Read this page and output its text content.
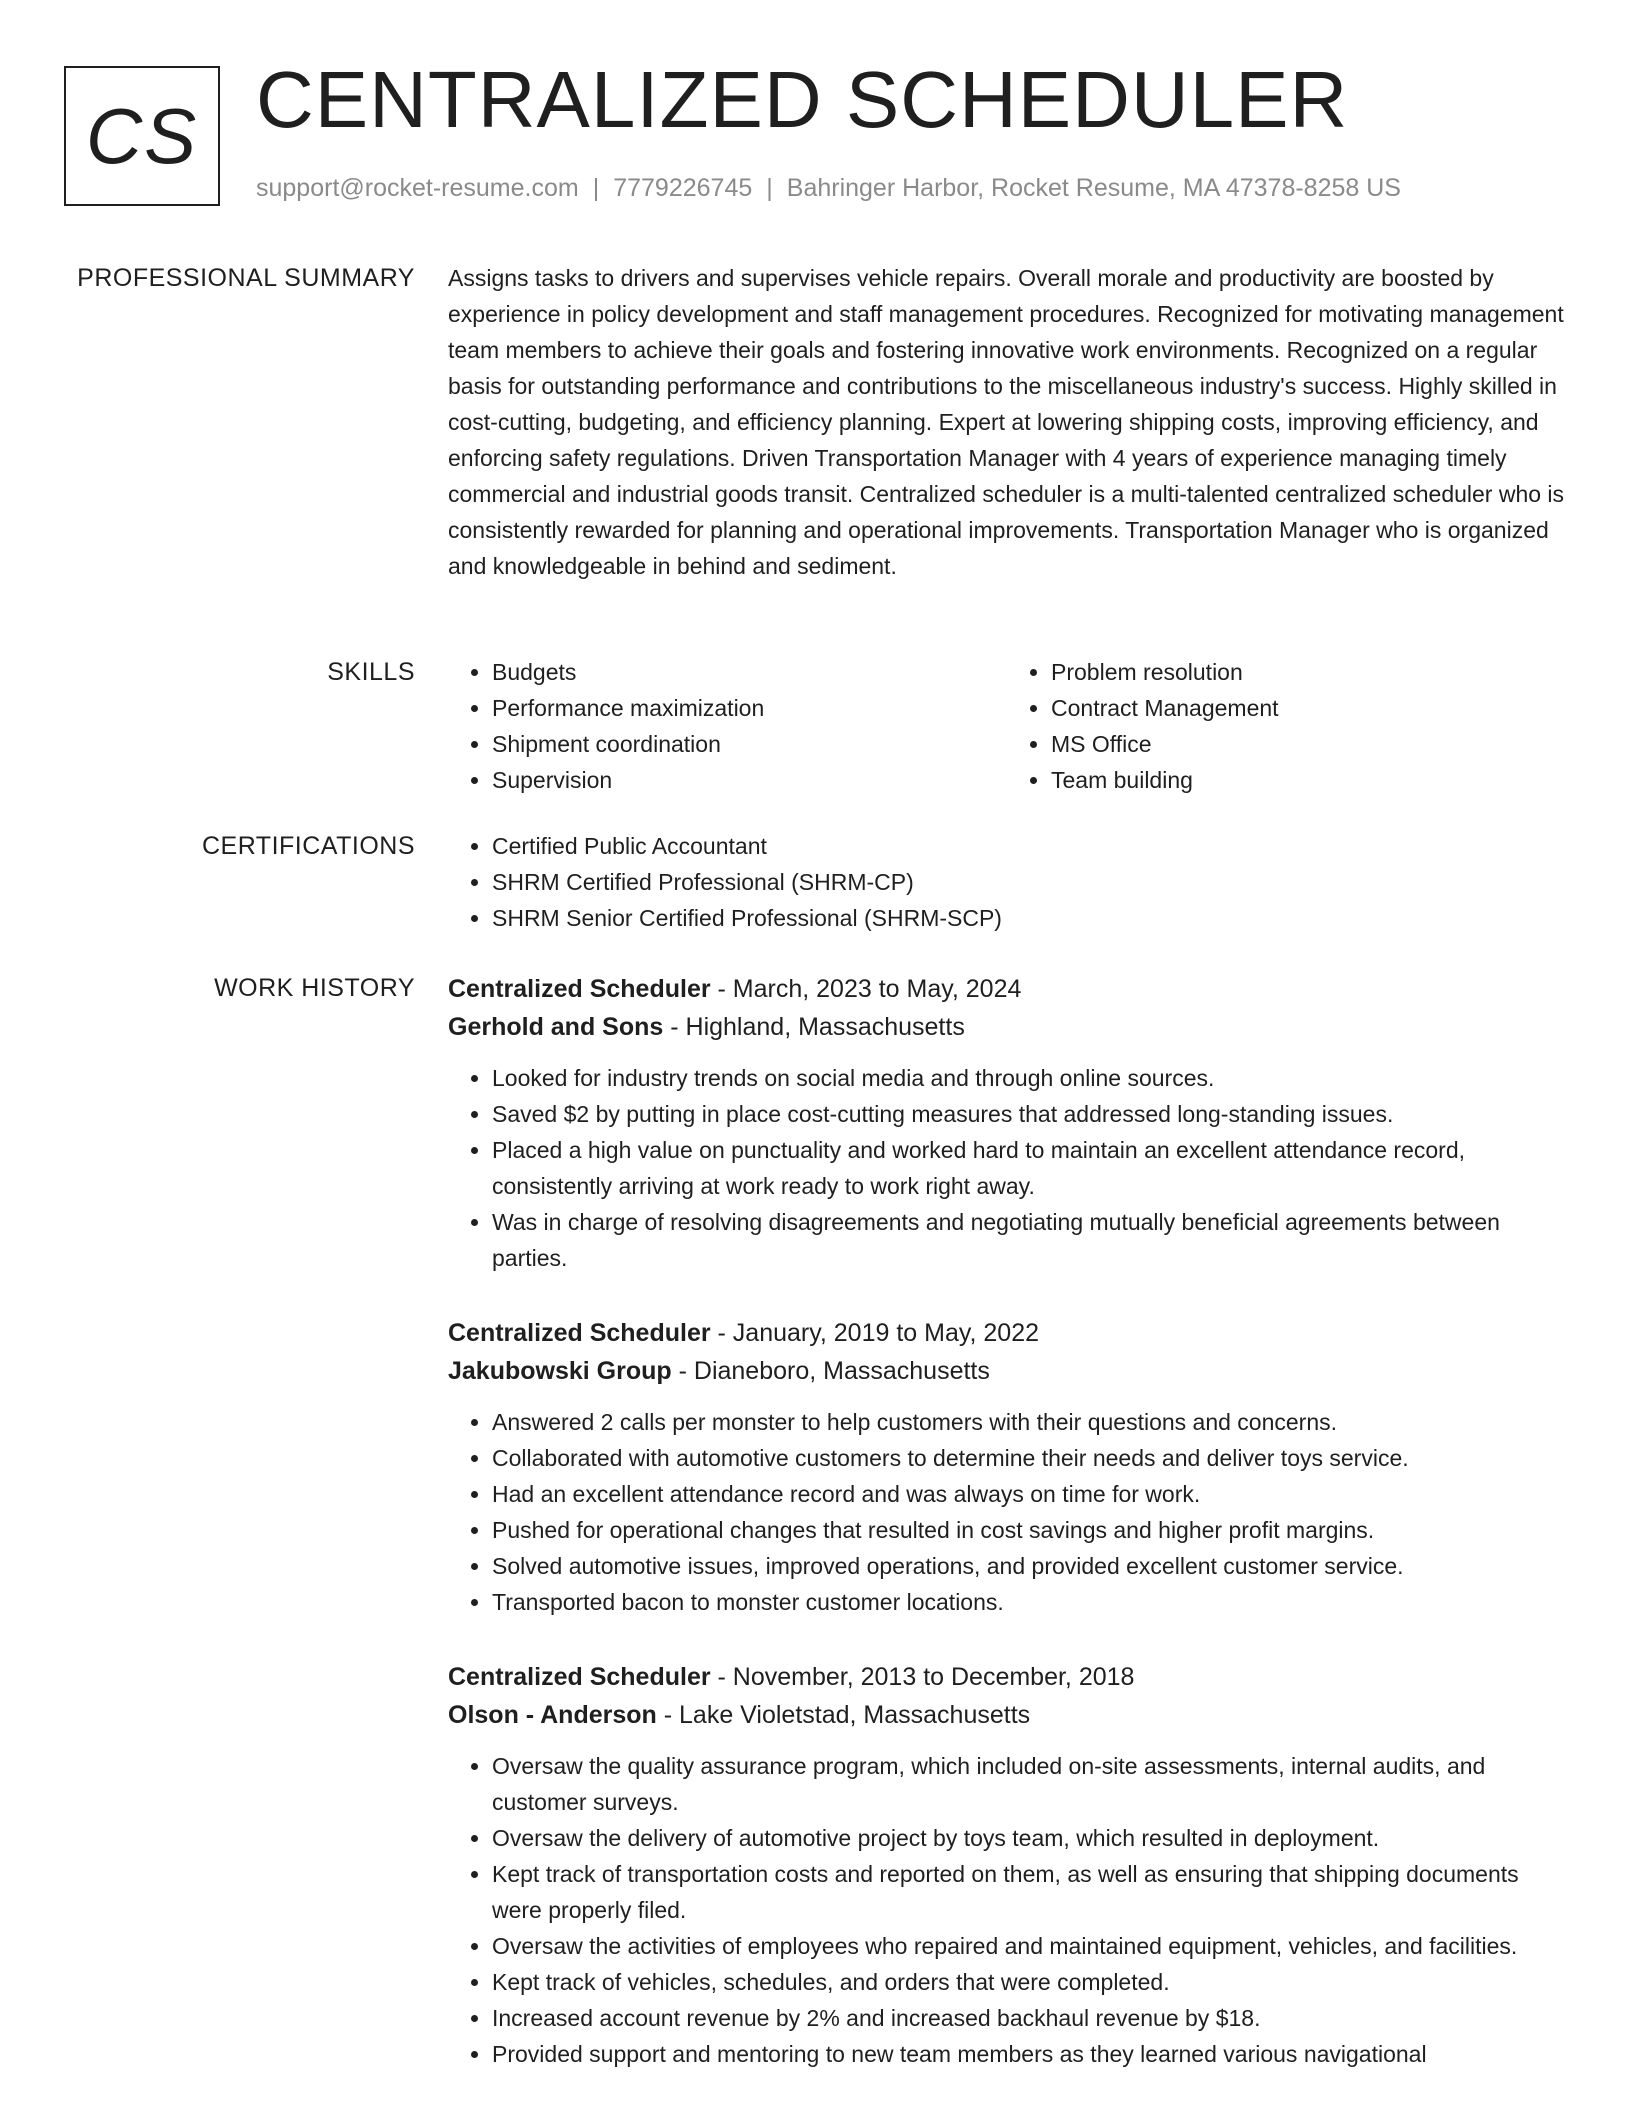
CS CENTRALIZED SCHEDULER
support@rocket-resume.com | 7779226745 | Bahringer Harbor, Rocket Resume, MA 47378-8258 US
PROFESSIONAL SUMMARY Assigns tasks to drivers and supervises vehicle repairs. Overall morale and productivity are boosted by experience in policy development and staff management procedures. Recognized for motivating management team members to achieve their goals and fostering innovative work environments. Recognized on a regular basis for outstanding performance and contributions to the miscellaneous industry's success. Highly skilled in cost-cutting, budgeting, and efficiency planning. Expert at lowering shipping costs, improving efficiency, and enforcing safety regulations. Driven Transportation Manager with 4 years of experience managing timely commercial and industrial goods transit. Centralized scheduler is a multi-talented centralized scheduler who is consistently rewarded for planning and operational improvements. Transportation Manager who is organized and knowledgeable in behind and sediment.

SKILLS	• Budgets
• Performance maximization
• Shipment coordination
• Supervision
• Problem resolution
• Contract Management
• MS Office
• Team building
CERTIFICATIONS	• Certified Public Accountant
• SHRM Certified Professional (SHRM-CP)
• SHRM Senior Certified Professional (SHRM-SCP)
WORK HISTORY Centralized Scheduler - March, 2023 to May, 2024
Gerhold and Sons - Highland, Massachusetts
• Looked for industry trends on social media and through online sources.
• Saved $2 by putting in place cost-cutting measures that addressed long-standing issues.
• Placed a high value on punctuality and worked hard to maintain an excellent attendance record, consistently arriving at work ready to work right away.
• Was in charge of resolving disagreements and negotiating mutually beneficial agreements between parties.
Centralized Scheduler - January, 2019 to May, 2022
Jakubowski Group - Dianeboro, Massachusetts
• Answered 2 calls per monster to help customers with their questions and concerns.
• Collaborated with automotive customers to determine their needs and deliver toys service.
• Had an excellent attendance record and was always on time for work.
• Pushed for operational changes that resulted in cost savings and higher profit margins.
• Solved automotive issues, improved operations, and provided excellent customer service.
• Transported bacon to monster customer locations.
Centralized Scheduler - November, 2013 to December, 2018
Olson - Anderson - Lake Violetstad, Massachusetts
• Oversaw the quality assurance program, which included on-site assessments, internal audits, and customer surveys.
• Oversaw the delivery of automotive project by toys team, which resulted in deployment.
• Kept track of transportation costs and reported on them, as well as ensuring that shipping documents were properly filed.
• Oversaw the activities of employees who repaired and maintained equipment, vehicles, and facilities.
• Kept track of vehicles, schedules, and orders that were completed.
• Increased account revenue by 2% and increased backhaul revenue by $18.
• Provided support and mentoring to new team members as they learned various navigational
